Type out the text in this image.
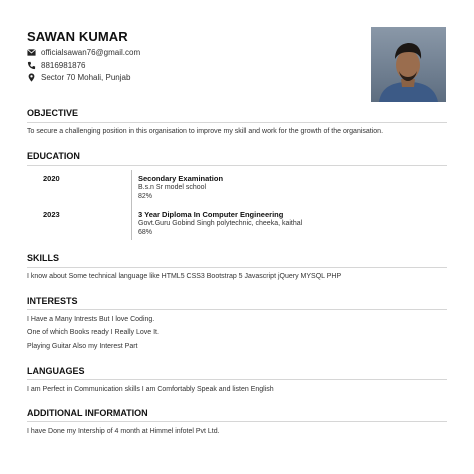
SAWAN KUMAR
officialsawan76@gmail.com
8816981876
Sector 70 Mohali, Punjab
OBJECTIVE
To secure a challenging position in this organisation to improve my skill and work for the growth of the organisation.
EDUCATION
2020	Secondary Examination
B.s.n Sr model school
82%
2023	3 Year Diploma In Computer Engineering
Govt.Guru Gobind Singh polytechnic, cheeka, kaithal
68%
SKILLS
I know about Some technical language like HTML5 CSS3 Bootstrap 5 Javascript jQuery MYSQL PHP
INTERESTS
I Have a Many Intrests But I love Coding.
One of which Books ready I Really Love It.
Playing Guitar Also my Interest Part
LANGUAGES
I am Perfect in Communication skills I am Comfortably Speak and listen English
ADDITIONAL INFORMATION
I have Done my Intership of 4 month at Himmel infotel Pvt Ltd.
